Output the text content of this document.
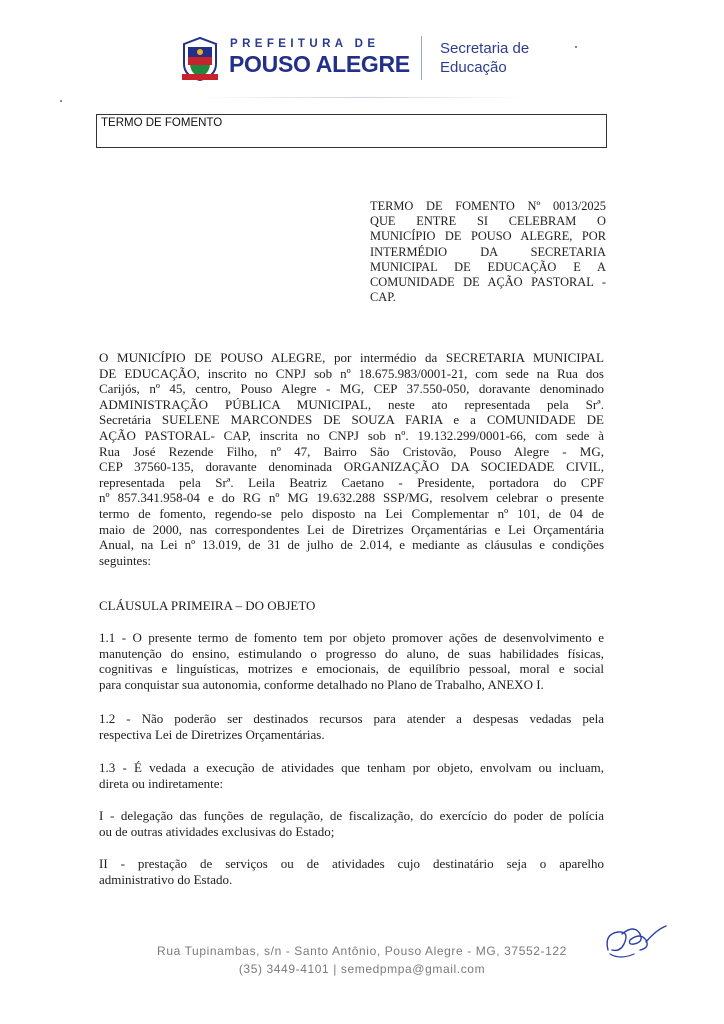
PREFEITURA DE
POUSO ALEGRE
Secretaria de
Educação
TERMO DE FOMENTO
TERMO DE FOMENTO Nº 0013/2025
QUE ENTRE SI CELEBRAM O
MUNICÍPIO DE POUSO ALEGRE, POR
INTERMÉDIO DA SECRETARIA
MUNICIPAL DE EDUCAÇÃO E A
COMUNIDADE DE AÇÃO PASTORAL -
CAP.
O MUNICÍPIO DE POUSO ALEGRE, por intermédio da SECRETARIA MUNICIPAL
DE EDUCAÇÃO, inscrito no CNPJ sob nº 18.675.983/0001-21, com sede na Rua dos
Carijós, nº 45, centro, Pouso Alegre - MG, CEP 37.550-050, doravante denominado
ADMINISTRAÇÃO PÚBLICA MUNICIPAL, neste ato representada pela Srª.
Secretária SUELENE MARCONDES DE SOUZA FARIA e a COMUNIDADE DE
AÇÃO PASTORAL- CAP, inscrita no CNPJ sob nº. 19.132.299/0001-66, com sede à
Rua José Rezende Filho, nº 47, Bairro São Cristovão, Pouso Alegre - MG,
CEP 37560-135, doravante denominada ORGANIZAÇÃO DA SOCIEDADE CIVIL,
representada pela Srª. Leila Beatriz Caetano - Presidente, portadora do CPF
nº 857.341.958-04 e do RG nº MG 19.632.288 SSP/MG, resolvem celebrar o presente
termo de fomento, regendo-se pelo disposto na Lei Complementar nº 101, de 04 de
maio de 2000, nas correspondentes Lei de Diretrizes Orçamentárias e Lei Orçamentária
Anual, na Lei nº 13.019, de 31 de julho de 2.014, e mediante as cláusulas e condições
seguintes:
CLÁUSULA PRIMEIRA – DO OBJETO
1.1 - O presente termo de fomento tem por objeto promover ações de desenvolvimento e
manutenção do ensino, estimulando o progresso do aluno, de suas habilidades físicas,
cognitivas e linguísticas, motrizes e emocionais, de equilíbrio pessoal, moral e social
para conquistar sua autonomia, conforme detalhado no Plano de Trabalho, ANEXO I.
1.2 - Não poderão ser destinados recursos para atender a despesas vedadas pela
respectiva Lei de Diretrizes Orçamentárias.
1.3 - É vedada a execução de atividades que tenham por objeto, envolvam ou incluam,
direta ou indiretamente:
I - delegação das funções de regulação, de fiscalização, do exercício do poder de polícia
ou de outras atividades exclusivas do Estado;
II - prestação de serviços ou de atividades cujo destinatário seja o aparelho
administrativo do Estado.
Rua Tupinambas, s/n - Santo Antônio, Pouso Alegre - MG, 37552-122
(35) 3449-4101 | semedpmpa@gmail.com
